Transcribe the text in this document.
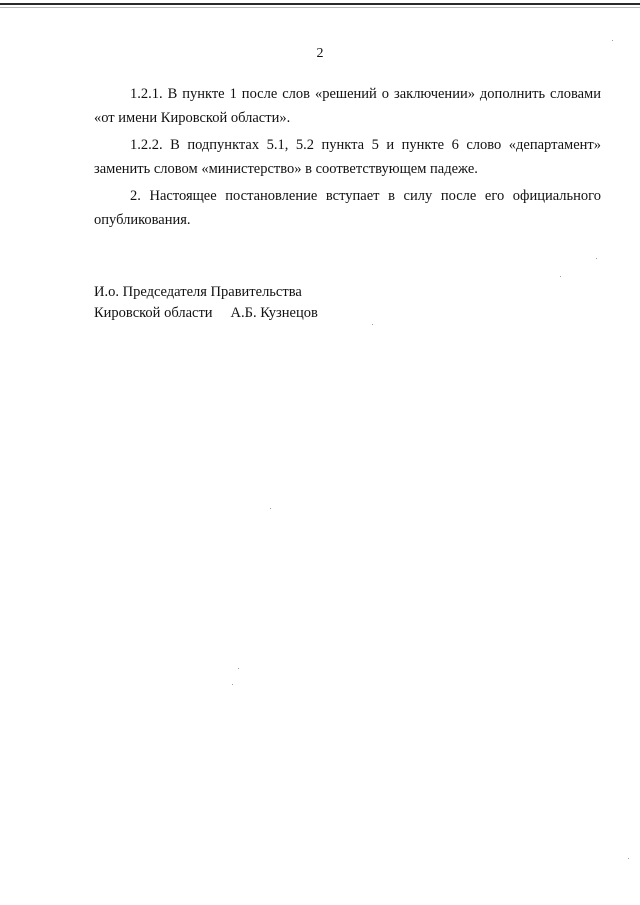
2

1.2.1. В пункте 1 после слов «решений о заключении» дополнить словами «от имени Кировской области».

1.2.2. В подпунктах 5.1, 5.2 пункта 5 и пункте 6 слово «департамент» заменить словом «министерство» в соответствующем падеже.

2. Настоящее постановление вступает в силу после его официального опубликования.

И.о. Председателя Правительства
Кировской области А.Б. Кузнецов
